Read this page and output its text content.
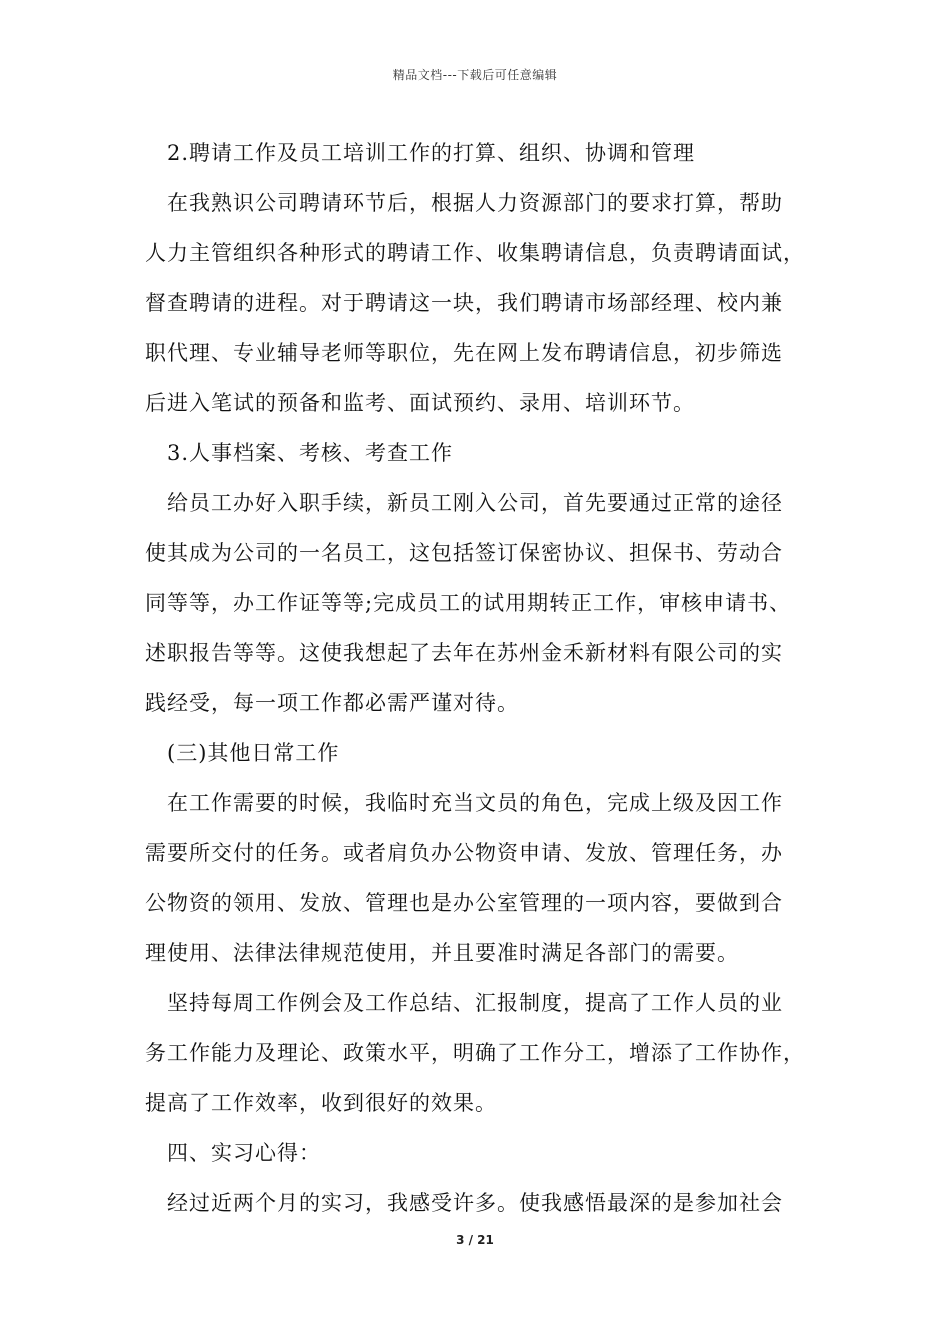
精品文档---下载后可任意编辑
2.聘请工作及员工培训工作的打算、组织、协调和管理
在我熟识公司聘请环节后，根据人力资源部门的要求打算，帮助
人力主管组织各种形式的聘请工作、收集聘请信息，负责聘请面试，
督查聘请的进程。对于聘请这一块，我们聘请市场部经理、校内兼
职代理、专业辅导老师等职位，先在网上发布聘请信息，初步筛选
后进入笔试的预备和监考、面试预约、录用、培训环节。
3.人事档案、考核、考查工作
给员工办好入职手续，新员工刚入公司，首先要通过正常的途径
使其成为公司的一名员工，这包括签订保密协议、担保书、劳动合
同等等，办工作证等等;完成员工的试用期转正工作，审核申请书、
述职报告等等。这使我想起了去年在苏州金禾新材料有限公司的实
践经受，每一项工作都必需严谨对待。
(三)其他日常工作
在工作需要的时候，我临时充当文员的角色，完成上级及因工作
需要所交付的任务。或者肩负办公物资申请、发放、管理任务，办
公物资的领用、发放、管理也是办公室管理的一项内容，要做到合
理使用、法律法律规范使用，并且要准时满足各部门的需要。
坚持每周工作例会及工作总结、汇报制度，提高了工作人员的业
务工作能力及理论、政策水平，明确了工作分工，增添了工作协作，
提高了工作效率，收到很好的效果。
四、实习心得：
经过近两个月的实习，我感受许多。使我感悟最深的是参加社会
3 / 21
